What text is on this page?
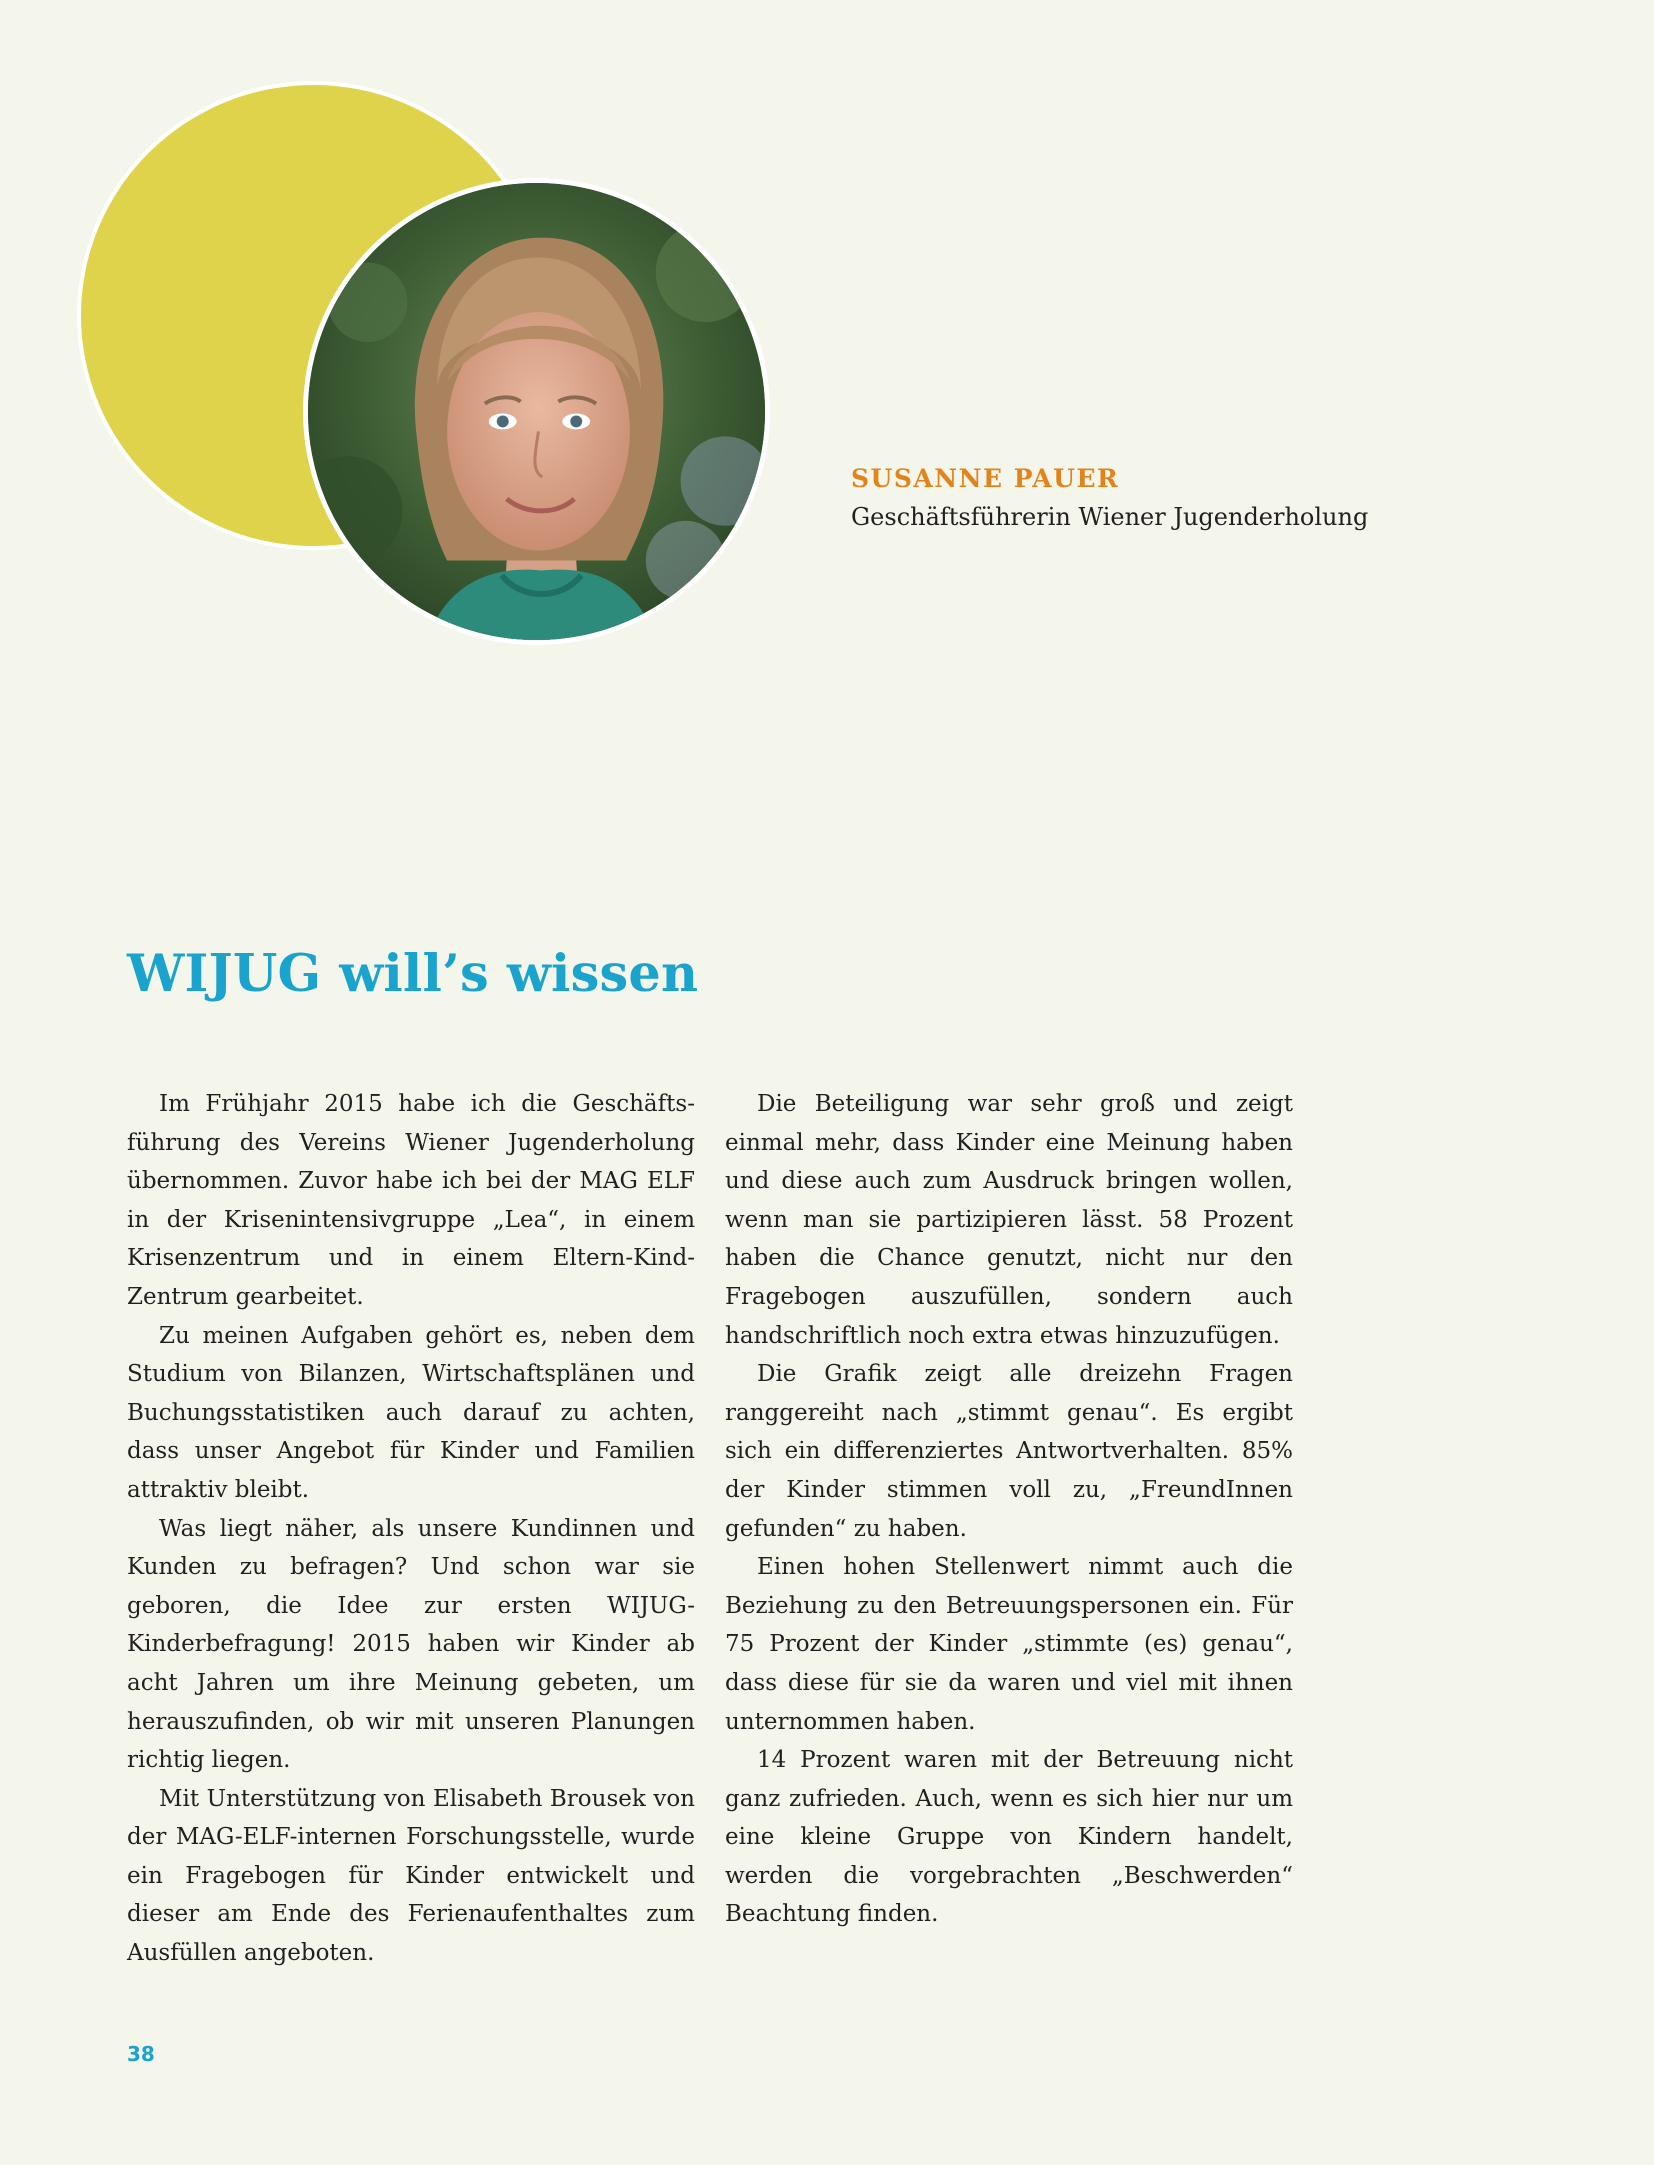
SUSANNE PAUER
Geschäftsführerin Wiener Jugenderholung
WIJUG will’s wissen

Im Frühjahr 2015 habe ich die Geschäftsführung des Vereins Wiener Jugenderholung übernommen. Zuvor habe ich bei der MAG ELF in der Krisenintensivgruppe „Lea“, in einem Krisenzentrum und in einem Eltern-Kind-Zentrum gearbeitet.

Zu meinen Aufgaben gehört es, neben dem Studium von Bilanzen, Wirtschaftsplänen und Buchungsstatistiken auch darauf zu achten, dass unser Angebot für Kinder und Familien attraktiv bleibt.

Was liegt näher, als unsere Kundinnen und Kunden zu befragen? Und schon war sie geboren, die Idee zur ersten WIJUG-Kinderbefragung! 2015 haben wir Kinder ab acht Jahren um ihre Meinung gebeten, um herauszufinden, ob wir mit unseren Planungen richtig liegen.

Mit Unterstützung von Elisabeth Brousek von der MAG-ELF-internen Forschungsstelle, wurde ein Fragebogen für Kinder entwickelt und dieser am Ende des Ferienaufenthaltes zum Ausfüllen angeboten.

Die Beteiligung war sehr groß und zeigt einmal mehr, dass Kinder eine Meinung haben und diese auch zum Ausdruck bringen wollen, wenn man sie partizipieren lässt. 58 Prozent haben die Chance genutzt, nicht nur den Fragebogen auszufüllen, sondern auch handschriftlich noch extra etwas hinzuzufügen.

Die Grafik zeigt alle dreizehn Fragen ranggereiht nach „stimmt genau“. Es ergibt sich ein differenziertes Antwortverhalten. 85% der Kinder stimmen voll zu, „FreundInnen gefunden“ zu haben.

Einen hohen Stellenwert nimmt auch die Beziehung zu den Betreuungspersonen ein. Für 75 Prozent der Kinder „stimmte (es) genau“, dass diese für sie da waren und viel mit ihnen unternommen haben.

14 Prozent waren mit der Betreuung nicht ganz zufrieden. Auch, wenn es sich hier nur um eine kleine Gruppe von Kindern handelt, werden die vorgebrachten „Beschwerden“ Beachtung finden.

38
